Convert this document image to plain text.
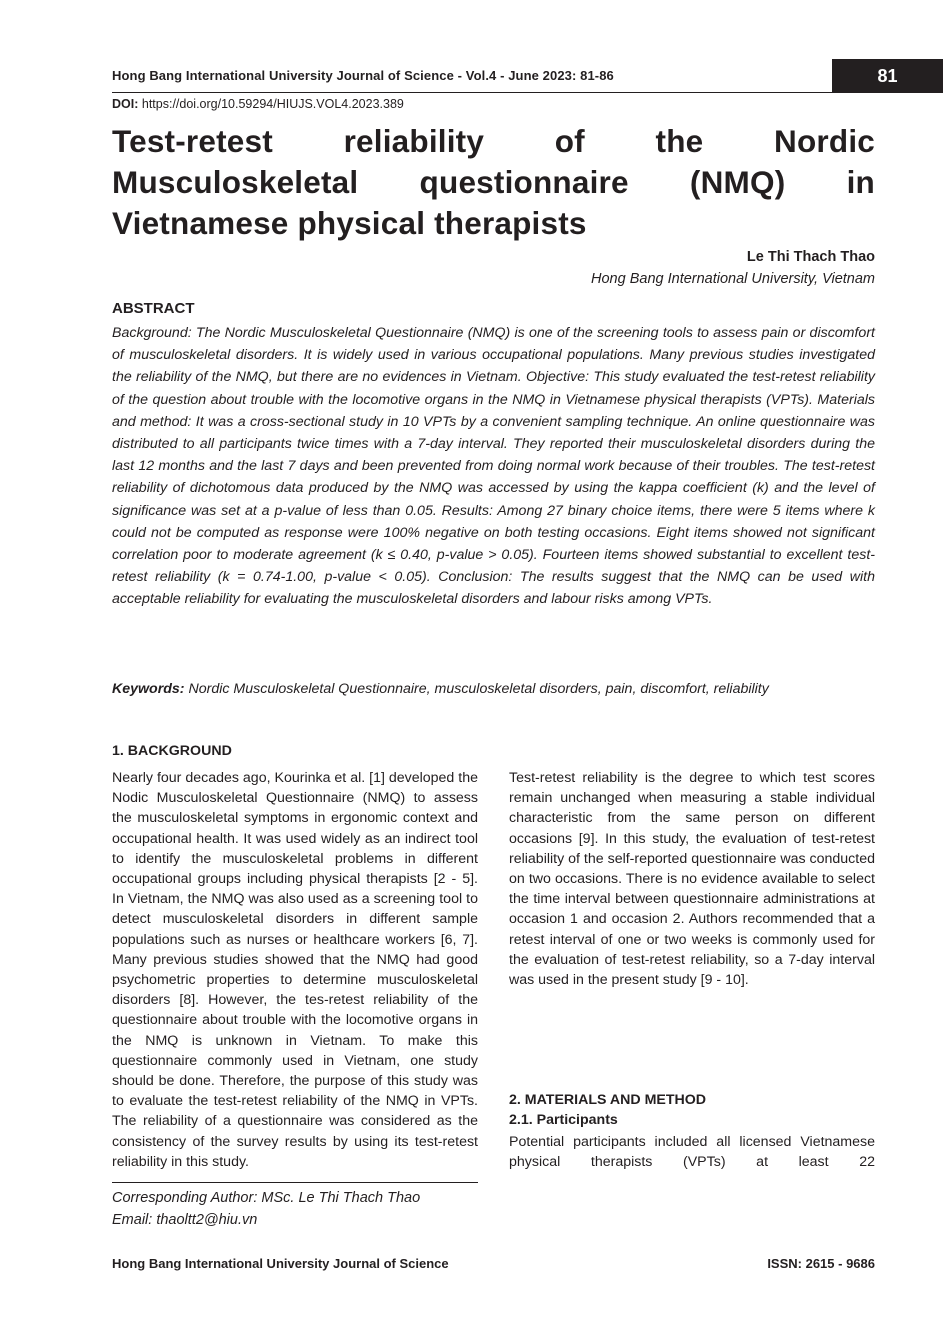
Hong Bang International University Journal of Science - Vol.4 - June 2023: 81-86	81
DOI: https://doi.org/10.59294/HIUJS.VOL4.2023.389
Test-retest reliability of the Nordic Musculoskeletal questionnaire (NMQ) in Vietnamese physical therapists
Le Thi Thach Thao
Hong Bang International University, Vietnam
ABSTRACT

Background: The Nordic Musculoskeletal Questionnaire (NMQ) is one of the screening tools to assess pain or discomfort of musculoskeletal disorders. It is widely used in various occupational populations. Many previous studies investigated the reliability of the NMQ, but there are no evidences in Vietnam. Objective: This study evaluated the test-retest reliability of the question about trouble with the locomotive organs in the NMQ in Vietnamese physical therapists (VPTs). Materials and method: It was a cross-sectional study in 10 VPTs by a convenient sampling technique. An online questionnaire was distributed to all participants twice times with a 7-day interval. They reported their musculoskeletal disorders during the last 12 months and the last 7 days and been prevented from doing normal work because of their troubles. The test-retest reliability of dichotomous data produced by the NMQ was accessed by using the kappa coefficient (k) and the level of significance was set at a p-value of less than 0.05. Results: Among 27 binary choice items, there were 5 items where k could not be computed as response were 100% negative on both testing occasions. Eight items showed not significant correlation poor to moderate agreement (k ≤ 0.40, p-value > 0.05). Fourteen items showed substantial to excellent test-retest reliability (k = 0.74-1.00, p-value < 0.05). Conclusion: The results suggest that the NMQ can be used with acceptable reliability for evaluating the musculoskeletal disorders and labour risks among VPTs.

Keywords: Nordic Musculoskeletal Questionnaire, musculoskeletal disorders, pain, discomfort, reliability
1. BACKGROUND

Nearly four decades ago, Kourinka et al. [1] developed the Nodic Musculoskeletal Questionnaire (NMQ) to assess the musculoskeletal symptoms in ergonomic context and occupational health. It was used widely as an indirect tool to identify the musculoskeletal problems in different occupational groups including physical therapists [2 - 5]. In Vietnam, the NMQ was also used as a screening tool to detect musculoskeletal disorders in different sample populations such as nurses or healthcare workers [6, 7]. Many previous studies showed that the NMQ had good psychometric properties to determine musculoskeletal disorders [8]. However, the tes-retest reliability of the questionnaire about trouble with the locomotive organs in the NMQ is unknown in Vietnam. To make this questionnaire commonly used in Vietnam, one study should be done. Therefore, the purpose of this study was to evaluate the test-retest reliability of the NMQ in VPTs. The reliability of a questionnaire was considered as the consistency of the survey results by using its test-retest reliability in this study.

Test-retest reliability is the degree to which test scores remain unchanged when measuring a stable individual characteristic from the same person on different occasions [9]. In this study, the evaluation of test-retest reliability of the self-reported questionnaire was conducted on two occasions. There is no evidence available to select the time interval between questionnaire administrations at occasion 1 and occasion 2. Authors recommended that a retest interval of one or two weeks is commonly used for the evaluation of test-retest reliability, so a 7-day interval was used in the present study [9 - 10].

2. MATERIALS AND METHOD
2.1. Participants

Potential participants included all licensed Vietnamese physical therapists (VPTs) at least 22

Corresponding Author: MSc. Le Thi Thach Thao
Email: thaoltt2@hiu.vn
Hong Bang International University Journal of Science	ISSN: 2615 - 9686
